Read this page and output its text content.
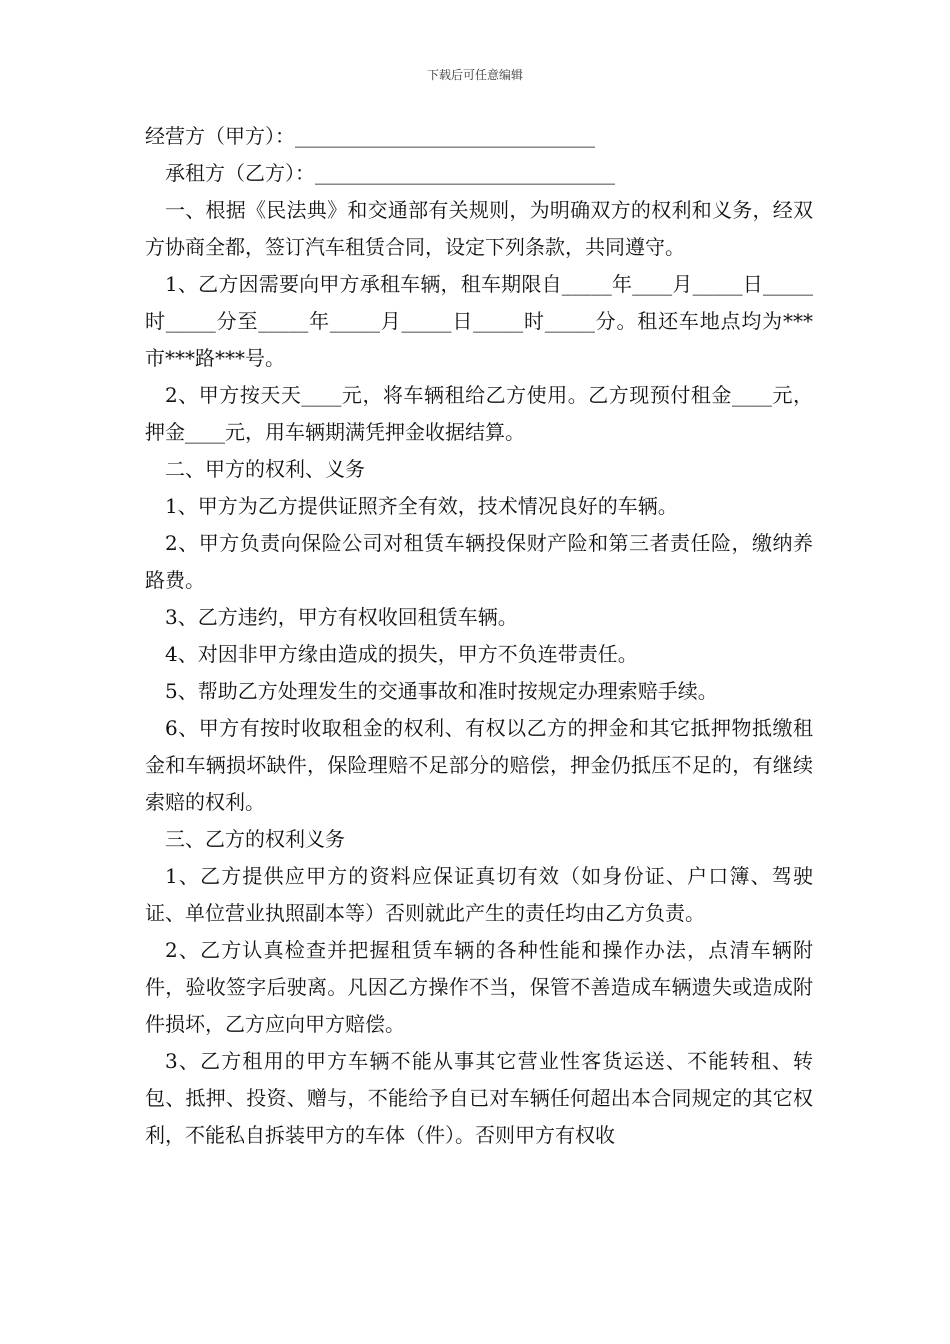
下载后可任意编辑

经营方（甲方）：______________________________

承租方（乙方）：______________________________

一、根据《民法典》和交通部有关规则，为明确双方的权利和义务，经双方协商全都，签订汽车租赁合同，设定下列条款，共同遵守。

1、乙方因需要向甲方承租车辆，租车期限自_____年____月_____日_____时_____分至_____年_____月_____日_____时_____分。租还车地点均为***市***路***号。

2、甲方按天天____元，将车辆租给乙方使用。乙方现预付租金____元，押金____元，用车辆期满凭押金收据结算。

二、甲方的权利、义务

1、甲方为乙方提供证照齐全有效，技术情况良好的车辆。

2、甲方负责向保险公司对租赁车辆投保财产险和第三者责任险，缴纳养路费。

3、乙方违约，甲方有权收回租赁车辆。

4、对因非甲方缘由造成的损失，甲方不负连带责任。

5、帮助乙方处理发生的交通事故和准时按规定办理索赔手续。

6、甲方有按时收取租金的权利、有权以乙方的押金和其它抵押物抵缴租金和车辆损坏缺件，保险理赔不足部分的赔偿，押金仍抵压不足的，有继续索赔的权利。

三、乙方的权利义务

1、乙方提供应甲方的资料应保证真切有效（如身份证、户口簿、驾驶证、单位营业执照副本等）否则就此产生的责任均由乙方负责。

2、乙方认真检查并把握租赁车辆的各种性能和操作办法，点清车辆附件，验收签字后驶离。凡因乙方操作不当，保管不善造成车辆遗失或造成附件损坏，乙方应向甲方赔偿。

3、乙方租用的甲方车辆不能从事其它营业性客货运送、不能转租、转包、抵押、投资、赠与，不能给予自已对车辆任何超出本合同规定的其它权利，不能私自拆装甲方的车体（件）。否则甲方有权收
